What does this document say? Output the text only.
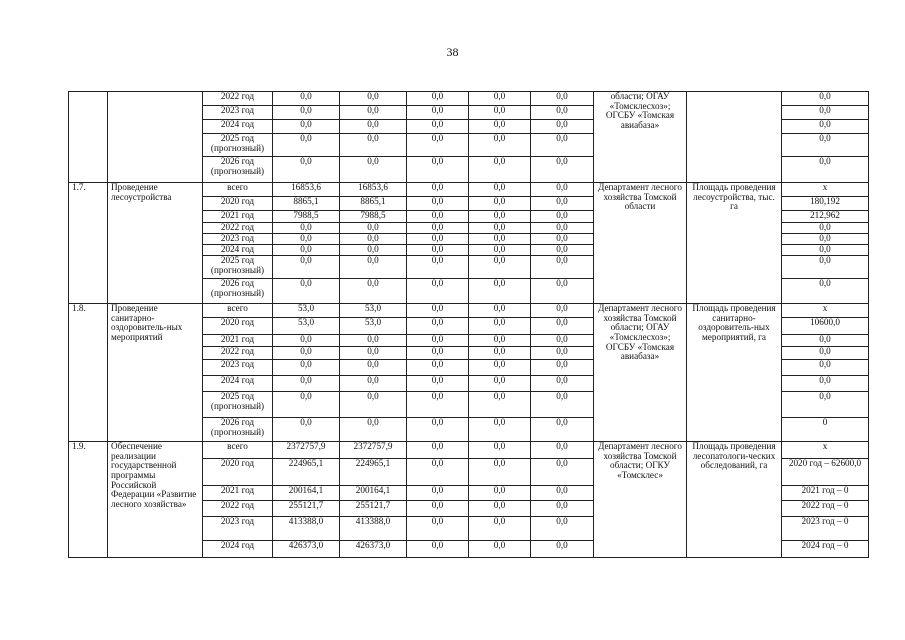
38
		2022 год	0,0	0,0	0,0	0,0	0,0	области; ОГАУ «Томсклесхоз»; ОГСБУ «Томская авиабаза»		0,0
		2023 год	0,0	0,0	0,0	0,0	0,0			0,0
		2024 год	0,0	0,0	0,0	0,0	0,0			0,0
		2025 год (прогнозный)	0,0	0,0	0,0	0,0	0,0			0,0
		2026 год (прогнозный)	0,0	0,0	0,0	0,0	0,0			0,0
1.7.	Проведение лесоустройства	всего	16853,6	16853,6	0,0	0,0	0,0	Департамент лесного хозяйства Томской области	Площадь проведения лесоустройства, тыс. га	х
		2020 год	8865,1	8865,1	0,0	0,0	0,0			180,192
		2021 год	7988,5	7988,5	0,0	0,0	0,0			212,962
		2022 год	0,0	0,0	0,0	0,0	0,0			0,0
		2023 год	0,0	0,0	0,0	0,0	0,0			0,0
		2024 год	0,0	0,0	0,0	0,0	0,0			0,0
		2025 год (прогнозный)	0,0	0,0	0,0	0,0	0,0			0,0
		2026 год (прогнозный)	0,0	0,0	0,0	0,0	0,0			0,0
1.8.	Проведение санитарно-оздоровитель-ных мероприятий	всего	53,0	53,0	0,0	0,0	0,0	Департамент лесного хозяйства Томской области; ОГАУ «Томсклесхоз»; ОГСБУ «Томская авиабаза»	Площадь проведения санитарно-оздоровитель-ных мероприятий, га	х
		2020 год	53,0	53,0	0,0	0,0	0,0			10600,0
		2021 год	0,0	0,0	0,0	0,0	0,0			0,0
		2022 год	0,0	0,0	0,0	0,0	0,0			0,0
		2023 год	0,0	0,0	0,0	0,0	0,0			0,0
		2024 год	0,0	0,0	0,0	0,0	0,0			0,0
		2025 год (прогнозный)	0,0	0,0	0,0	0,0	0,0			0,0
		2026 год (прогнозный)	0,0	0,0	0,0	0,0	0,0			0
1.9.	Обеспечение реализации государственной программы Российской Федерации «Развитие лесного хозяйства»	всего	2372757,9	2372757,9	0,0	0,0	0,0	Департамент лесного хозяйства Томской области; ОГКУ «Томсклес»	Площадь проведения лесопатологи-ческих обследований, га	х
		2020 год	224965,1	224965,1	0,0	0,0	0,0			2020 год – 62600,0
		2021 год	200164,1	200164,1	0,0	0,0	0,0			2021 год – 0
		2022 год	255121,7	255121,7	0,0	0,0	0,0			2022 год – 0
		2023 год	413388,0	413388,0	0,0	0,0	0,0			2023 год – 0
		2024 год	426373,0	426373,0	0,0	0,0	0,0			2024 год – 0
